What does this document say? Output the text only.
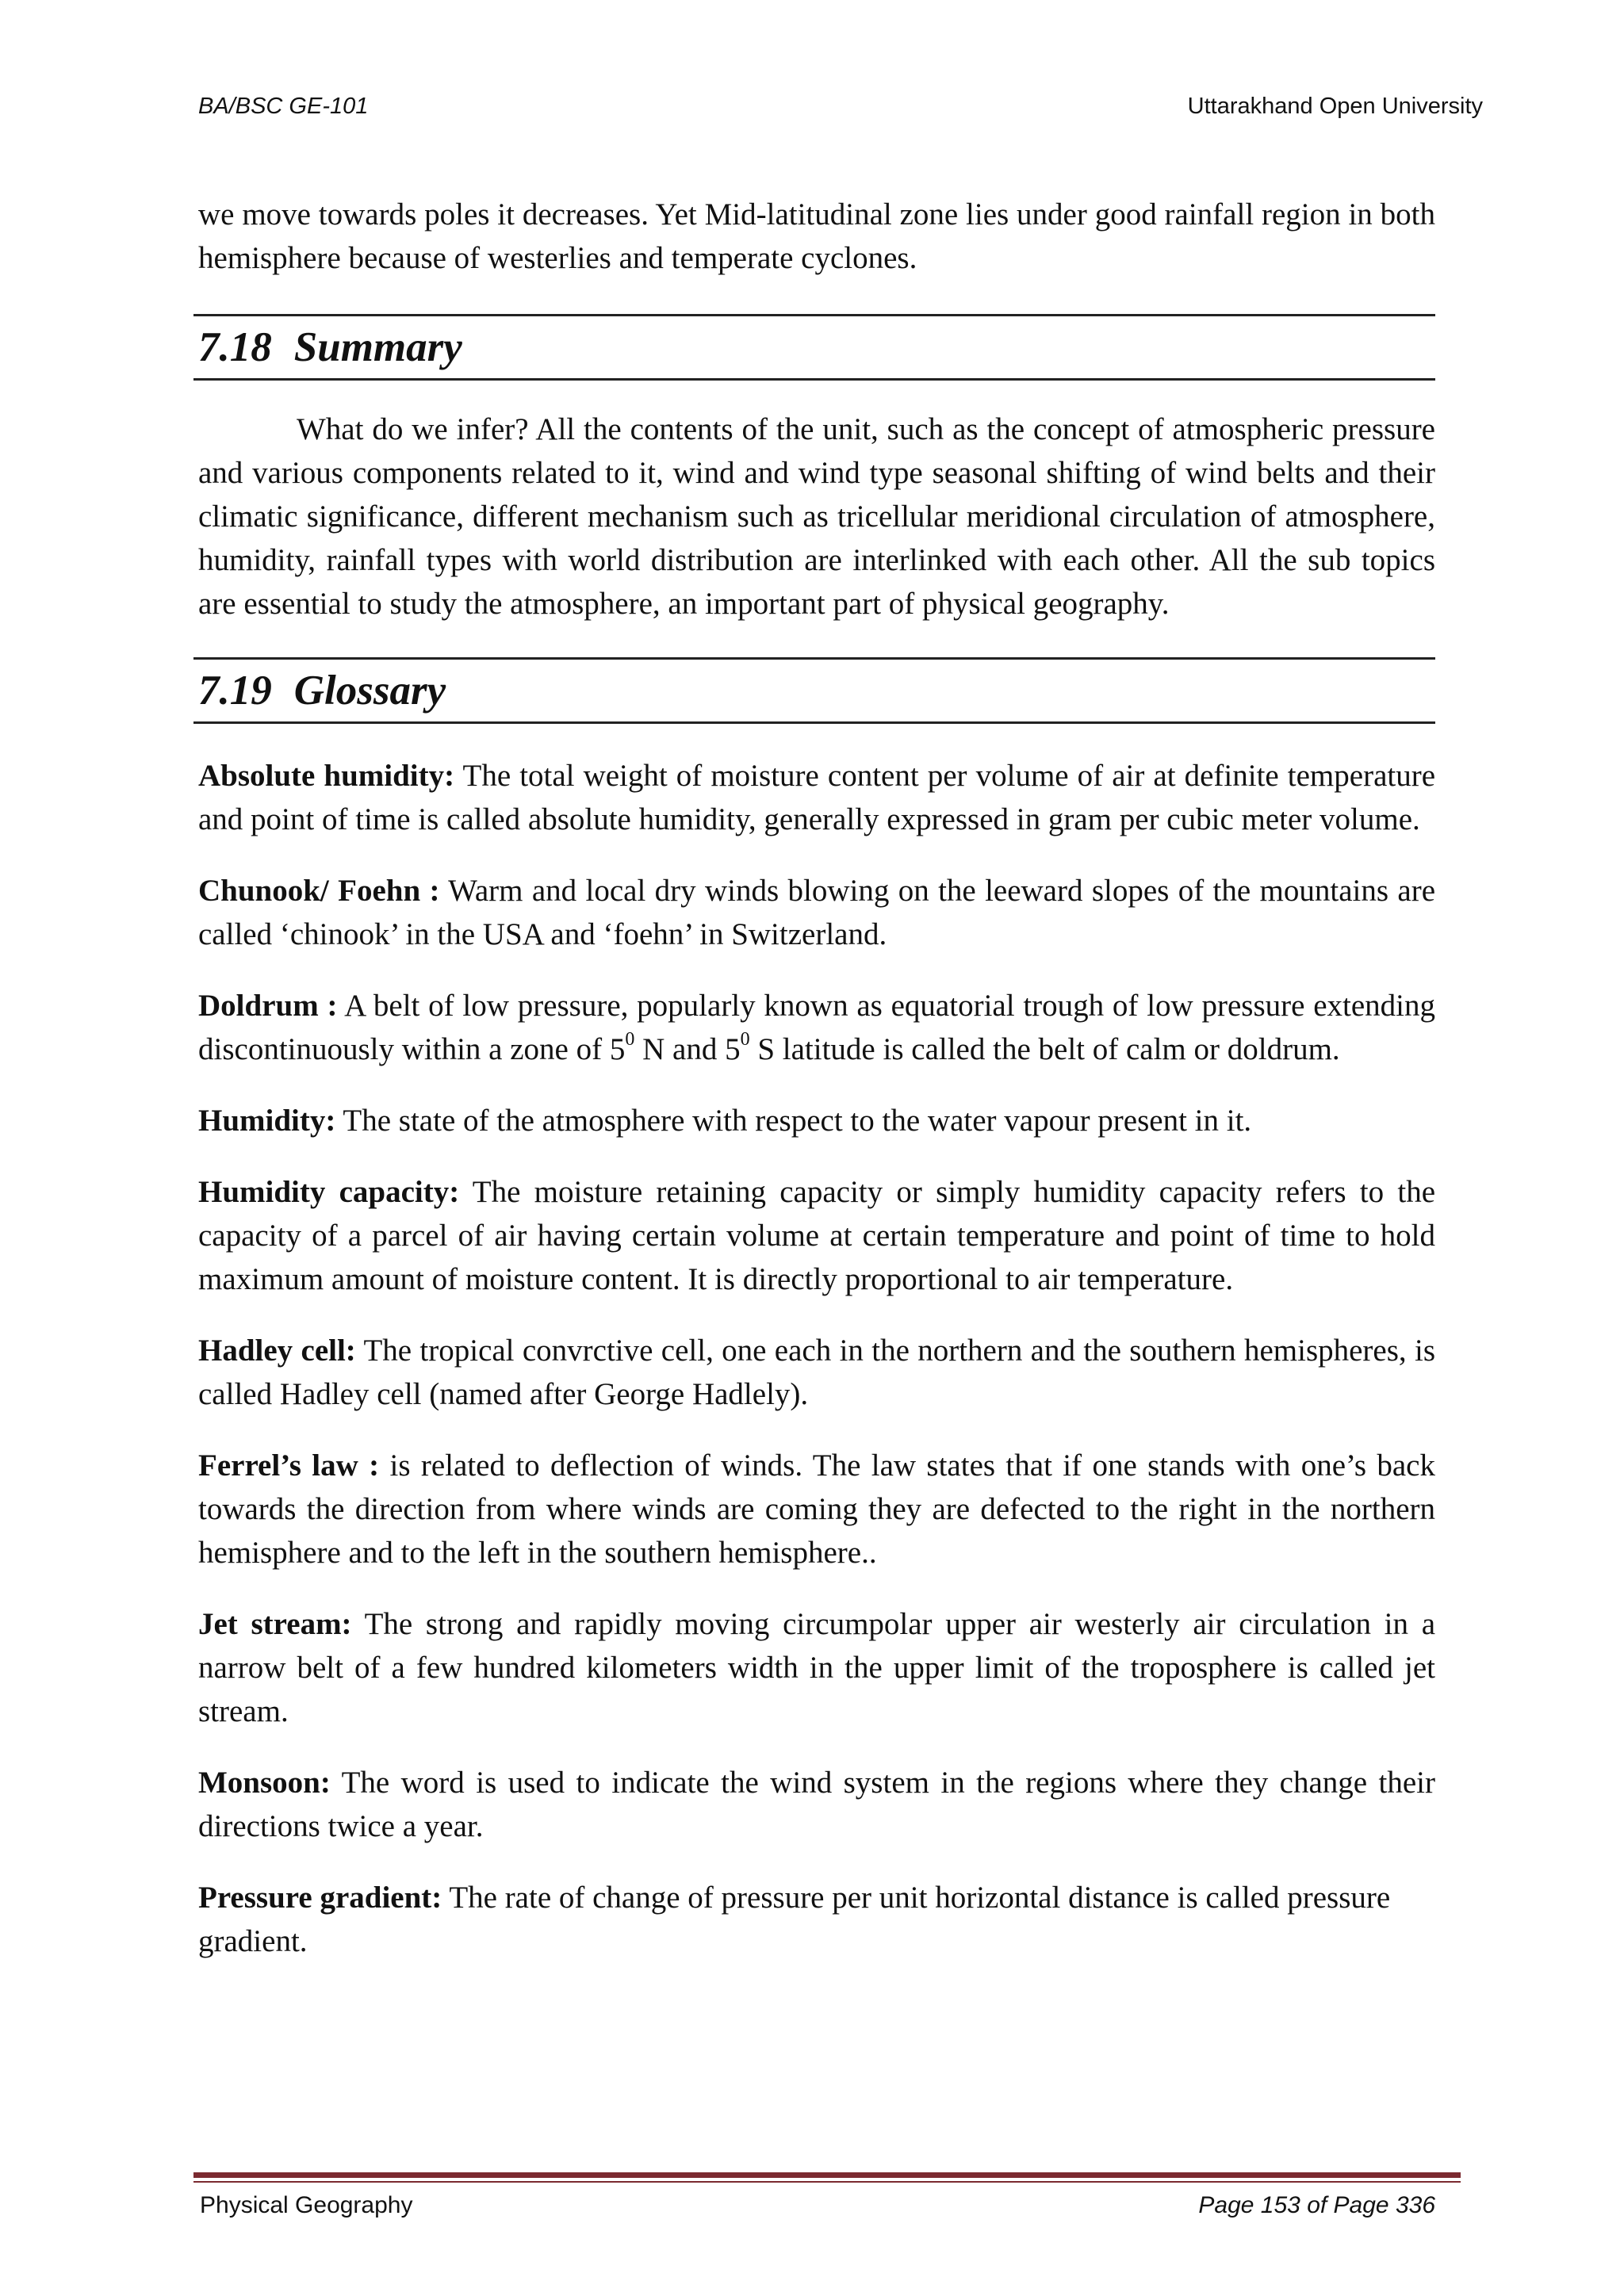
BA/BSC GE-101	Uttarakhand Open University

we move towards poles it decreases. Yet Mid-latitudinal zone lies under good rainfall region in both hemisphere because of westerlies and temperate cyclones.

7.18 Summary

What do we infer? All the contents of the unit, such as the concept of atmospheric pressure and various components related to it, wind and wind type seasonal shifting of wind belts and their climatic significance, different mechanism such as tricellular meridional circulation of atmosphere, humidity, rainfall types with world distribution are interlinked with each other. All the sub topics are essential to study the atmosphere, an important part of physical geography.

7.19 Glossary

Absolute humidity: The total weight of moisture content per volume of air at definite temperature and point of time is called absolute humidity, generally expressed in gram per cubic meter volume.

Chunook/ Foehn : Warm and local dry winds blowing on the leeward slopes of the mountains are called ‘chinook’ in the USA and ‘foehn’ in Switzerland.

Doldrum : A belt of low pressure, popularly known as equatorial trough of low pressure extending discontinuously within a zone of $5^0$ N and $5^0$ S latitude is called the belt of calm or doldrum.

Humidity: The state of the atmosphere with respect to the water vapour present in it.

Humidity capacity: The moisture retaining capacity or simply humidity capacity refers to the capacity of a parcel of air having certain volume at certain temperature and point of time to hold maximum amount of moisture content. It is directly proportional to air temperature.

Hadley cell: The tropical convrctive cell, one each in the northern and the southern hemispheres, is called Hadley cell (named after George Hadlely).

Ferrel’s law : is related to deflection of winds. The law states that if one stands with one’s back towards the direction from where winds are coming they are defected to the right in the northern hemisphere and to the left in the southern hemisphere..

Jet stream: The strong and rapidly moving circumpolar upper air westerly air circulation in a narrow belt of a few hundred kilometers width in the upper limit of the troposphere is called jet stream.

Monsoon: The word is used to indicate the wind system in the regions where they change their directions twice a year.

Pressure gradient: The rate of change of pressure per unit horizontal distance is called pressure gradient.

Physical Geography	Page 153 of Page 336
